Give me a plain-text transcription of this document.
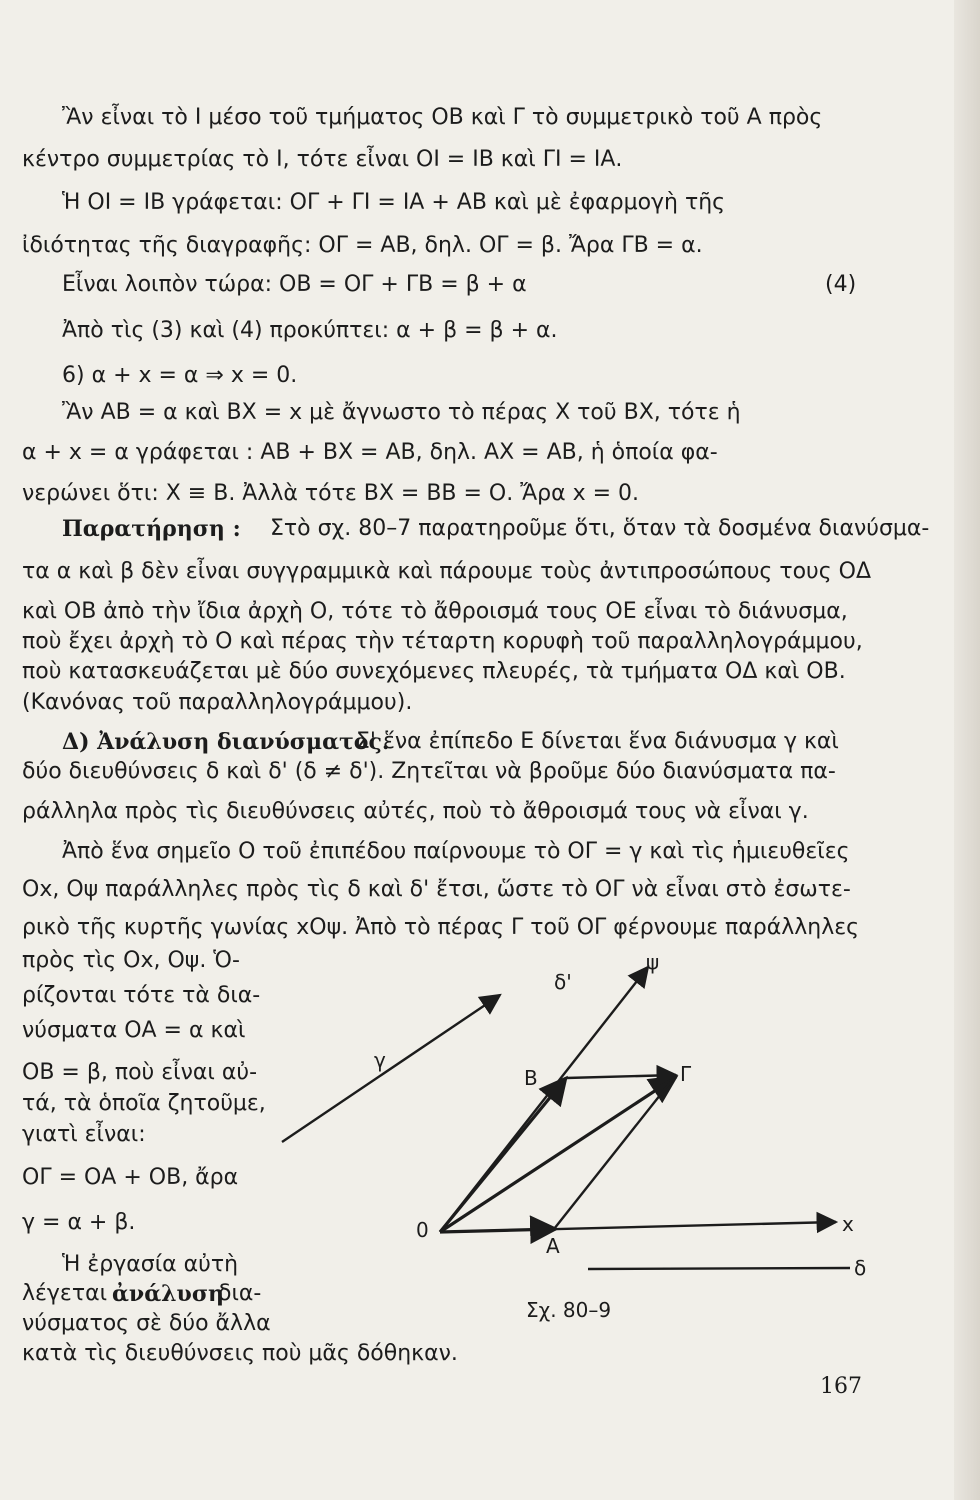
Ἂν εἶναι τὸ Ι μέσο τοῦ τμήματος ΟΒ καὶ Γ τὸ συμμετρικὸ τοῦ Α πρὸς
κέντρο συμμετρίας τὸ Ι, τότε εἶναι ΟΙ = ΙΒ καὶ ΓΙ = ΙΑ.
Ἡ ΟΙ = ΙΒ γράφεται: ΟΓ + ΓΙ = ΙΑ + ΑΒ καὶ μὲ ἐφαρμογὴ τῆς
ἰδιότητας τῆς διαγραφῆς: ΟΓ = ΑΒ, δηλ. ΟΓ = β. Ἄρα ΓΒ = α.
Εἶναι λοιπὸν τώρα: ΟΒ = ΟΓ + ΓΒ = β + α	(4)
Ἀπὸ τὶς (3) καὶ (4) προκύπτει: α + β = β + α.
6) α + x = α ⇒ x = 0.
Ἂν ΑΒ = α καὶ ΒΧ = x μὲ ἄγνωστο τὸ πέρας Χ τοῦ ΒΧ, τότε ἡ
α + x = α γράφεται : ΑΒ + ΒΧ = ΑΒ, δηλ. ΑΧ = ΑΒ, ἡ ὁποία φα-
νερώνει ὅτι: Χ ≡ Β. Ἀλλὰ τότε ΒΧ = ΒΒ = Ο. Ἄρα x = 0.
Στὸ σχ. 80–7 παρατηροῦμε ὅτι, ὅταν τὰ δοσμένα διανύσμα-
τα α καὶ β δὲν εἶναι συγγραμμικὰ καὶ πάρουμε τοὺς ἀντιπροσώπους τους ΟΔ
καὶ ΟΒ ἀπὸ τὴν ἴδια ἀρχὴ Ο, τότε τὸ ἄθροισμά τους ΟΕ εἶναι τὸ διάνυσμα,
ποὺ ἔχει ἀρχὴ τὸ Ο καὶ πέρας τὴν τέταρτη κορυφὴ τοῦ παραλληλογράμμου,
ποὺ κατασκευάζεται μὲ δύο συνεχόμενες πλευρές, τὰ τμήματα ΟΔ καὶ ΟΒ.
(Κανόνας τοῦ παραλληλογράμμου).
Σ' ἕνα ἐπίπεδο Ε δίνεται ἕνα διάνυσμα γ καὶ
δύο διευθύνσεις δ καὶ δ' (δ ≠ δ'). Ζητεῖται νὰ βροῦμε δύο διανύσματα πα-
ράλληλα πρὸς τὶς διευθύνσεις αὐτές, ποὺ τὸ ἄθροισμά τους νὰ εἶναι γ.
Ἀπὸ ἕνα σημεῖο Ο τοῦ ἐπιπέδου παίρνουμε τὸ ΟΓ = γ καὶ τὶς ἡμιευθεῖες
Οx, Οψ παράλληλες πρὸς τὶς δ καὶ δ' ἔτσι, ὥστε τὸ ΟΓ νὰ εἶναι στὸ ἐσωτε-
ρικὸ τῆς κυρτῆς γωνίας xΟψ. Ἀπὸ τὸ πέρας Γ τοῦ ΟΓ φέρνουμε παράλληλες
πρὸς τὶς Οx, Οψ. Ὁ-
ρίζονται τότε τὰ δια-
νύσματα ΟΑ = α καὶ
ΟΒ = β, ποὺ εἶναι αὐ-
τά, τὰ ὁποῖα ζητοῦμε,
γιατὶ εἶναι:
ΟΓ = ΟΑ + ΟΒ, ἄρα
γ = α + β.
Ἡ ἐργασία αὐτὴ
λέγεται	δια-
νύσματος σὲ δύο ἄλλα
κατὰ τὶς διευθύνσεις ποὺ μᾶς δόθηκαν.
Παρατήρηση :
Δ) Ἀνάλυση διανύσματος.
ἀνάλυση
0
A
B	Γ
x
ψ
δ'
δ
γ
Σχ. 80–9
167
